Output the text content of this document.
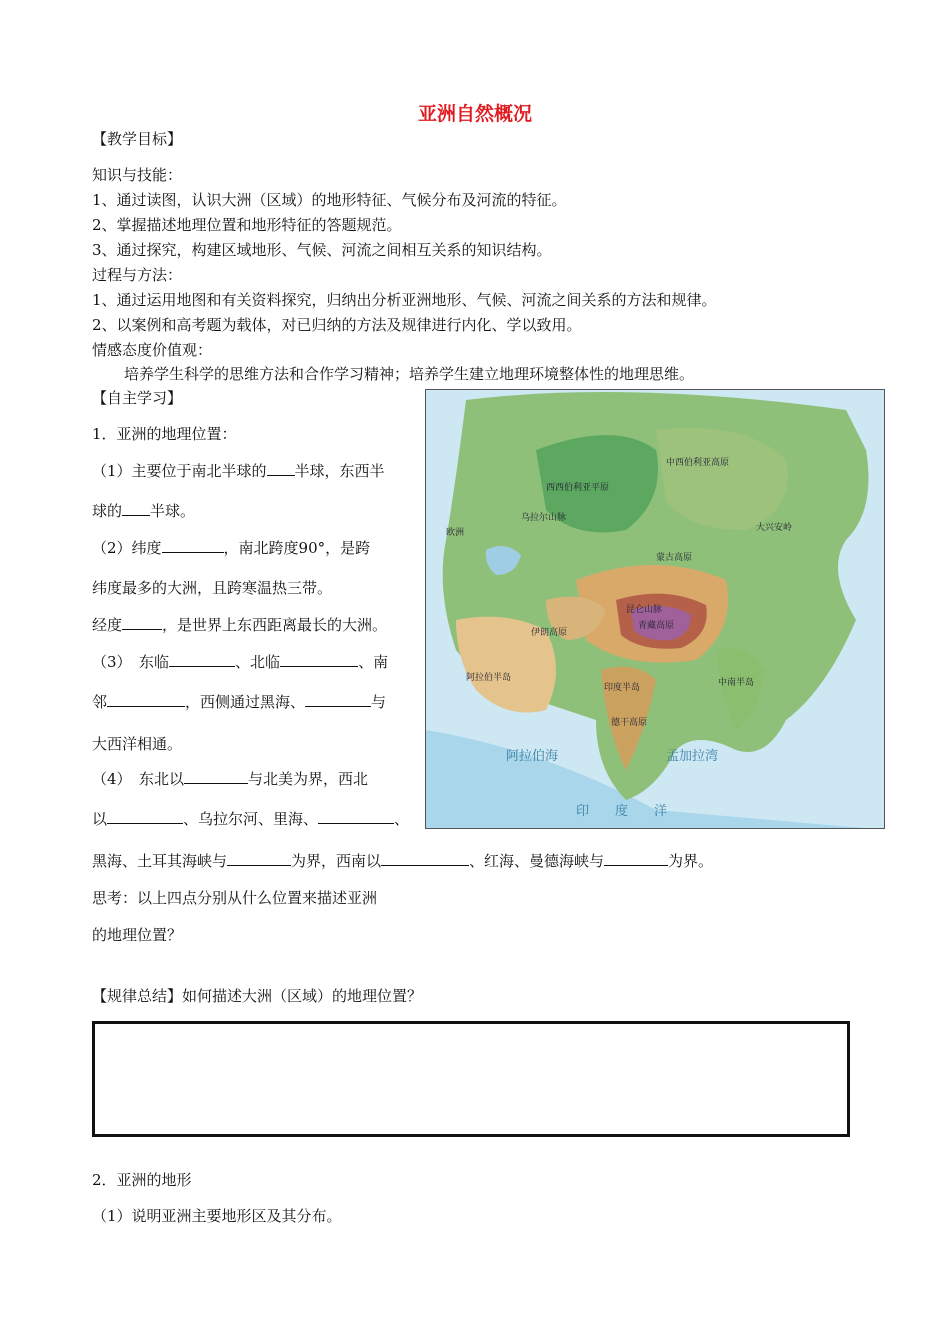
亚洲自然概况
【教学目标】
知识与技能：
1、通过读图，认识大洲（区域）的地形特征、气候分布及河流的特征。
2、掌握描述地理位置和地形特征的答题规范。
3、通过探究，构建区域地形、气候、河流之间相互关系的知识结构。
过程与方法：
1、通过运用地图和有关资料探究，归纳出分析亚洲地形、气候、河流之间关系的方法和规律。
2、以案例和高考题为载体，对已归纳的方法及规律进行内化、学以致用。
情感态度价值观：
培养学生科学的思维方法和合作学习精神；培养学生建立地理环境整体性的地理思维。
【自主学习】
1．亚洲的地理位置：
（1）主要位于南北半球的 半球，东西半
球的 半球。
（2）纬度	，南北跨度90°，是跨
纬度最多的大洲，且跨寒温热三带。
经度	，是世界上东西距离最长的大洲。
（3）　东临	、北临	、南
邻	，西侧通过黑海、	与
大西洋相通。
（4）　东北以	与北美为界，西北
以	、乌拉尔河、里海、	、
黑海、土耳其海峡与	为界，西南以	、红海、曼德海峡与	为界。
思考：以上四点分别从什么位置来描述亚洲
的地理位置？
【规律总结】如何描述大洲（区域）的地理位置？
2．亚洲的地形
（1）说明亚洲主要地形区及其分布。
西西伯利亚平原
中西伯利亚高原
青藏高原
昆仑山脉
蒙古高原
伊朗高原
阿拉伯半岛
印度半岛
德干高原
中南半岛
大兴安岭
阿拉伯海	孟加拉湾
印　　度　　洋
乌拉尔山脉
欧洲
